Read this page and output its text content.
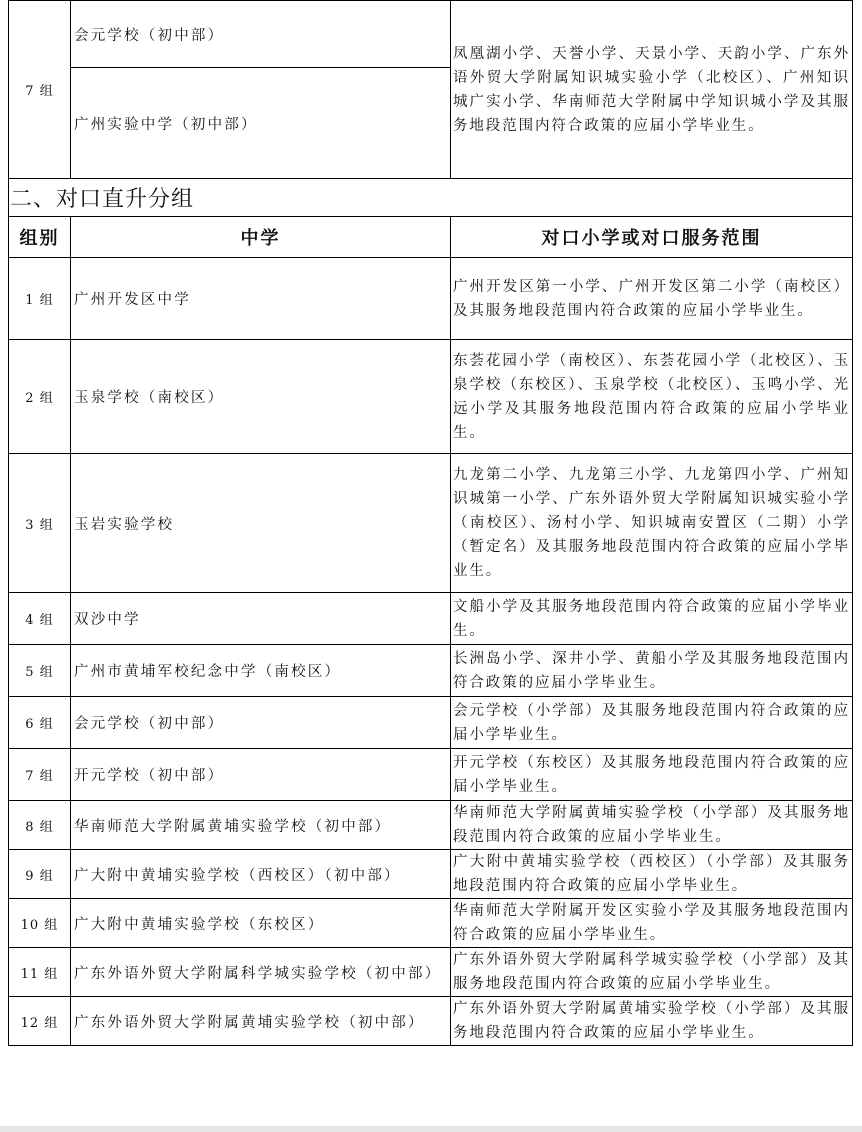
7 组	会元学校（初中部）	凤凰湖小学、天誉小学、天景小学、天韵小学、广东外语外贸大学附属知识城实验小学（北校区）、广州知识城广实小学、华南师范大学附属中学知识城小学及其服务地段范围内符合政策的应届小学毕业生。
	广州实验中学（初中部）	
二、对口直升分组		
组别	中学	对口小学或对口服务范围
1 组	广州开发区中学	广州开发区第一小学、广州开发区第二小学（南校区）及其服务地段范围内符合政策的应届小学毕业生。
2 组	玉泉学校（南校区）	东荟花园小学（南校区）、东荟花园小学（北校区）、玉泉学校（东校区）、玉泉学校（北校区）、玉鸣小学、光远小学及其服务地段范围内符合政策的应届小学毕业生。
3 组	玉岩实验学校	九龙第二小学、九龙第三小学、九龙第四小学、广州知识城第一小学、广东外语外贸大学附属知识城实验小学（南校区）、汤村小学、知识城南安置区（二期）小学（暂定名）及其服务地段范围内符合政策的应届小学毕业生。
4 组	双沙中学	文船小学及其服务地段范围内符合政策的应届小学毕业生。
5 组	广州市黄埔军校纪念中学（南校区）	长洲岛小学、深井小学、黄船小学及其服务地段范围内符合政策的应届小学毕业生。
6 组	会元学校（初中部）	会元学校（小学部）及其服务地段范围内符合政策的应届小学毕业生。
7 组	开元学校（初中部）	开元学校（东校区）及其服务地段范围内符合政策的应届小学毕业生。
8 组	华南师范大学附属黄埔实验学校（初中部）	华南师范大学附属黄埔实验学校（小学部）及其服务地段范围内符合政策的应届小学毕业生。
9 组	广大附中黄埔实验学校（西校区）（初中部）	广大附中黄埔实验学校（西校区）（小学部）及其服务地段范围内符合政策的应届小学毕业生。
10 组	广大附中黄埔实验学校（东校区）	华南师范大学附属开发区实验小学及其服务地段范围内符合政策的应届小学毕业生。
11 组	广东外语外贸大学附属科学城实验学校（初中部）	广东外语外贸大学附属科学城实验学校（小学部）及其服务地段范围内符合政策的应届小学毕业生。
12 组	广东外语外贸大学附属黄埔实验学校（初中部）	广东外语外贸大学附属黄埔实验学校（小学部）及其服务地段范围内符合政策的应届小学毕业生。
